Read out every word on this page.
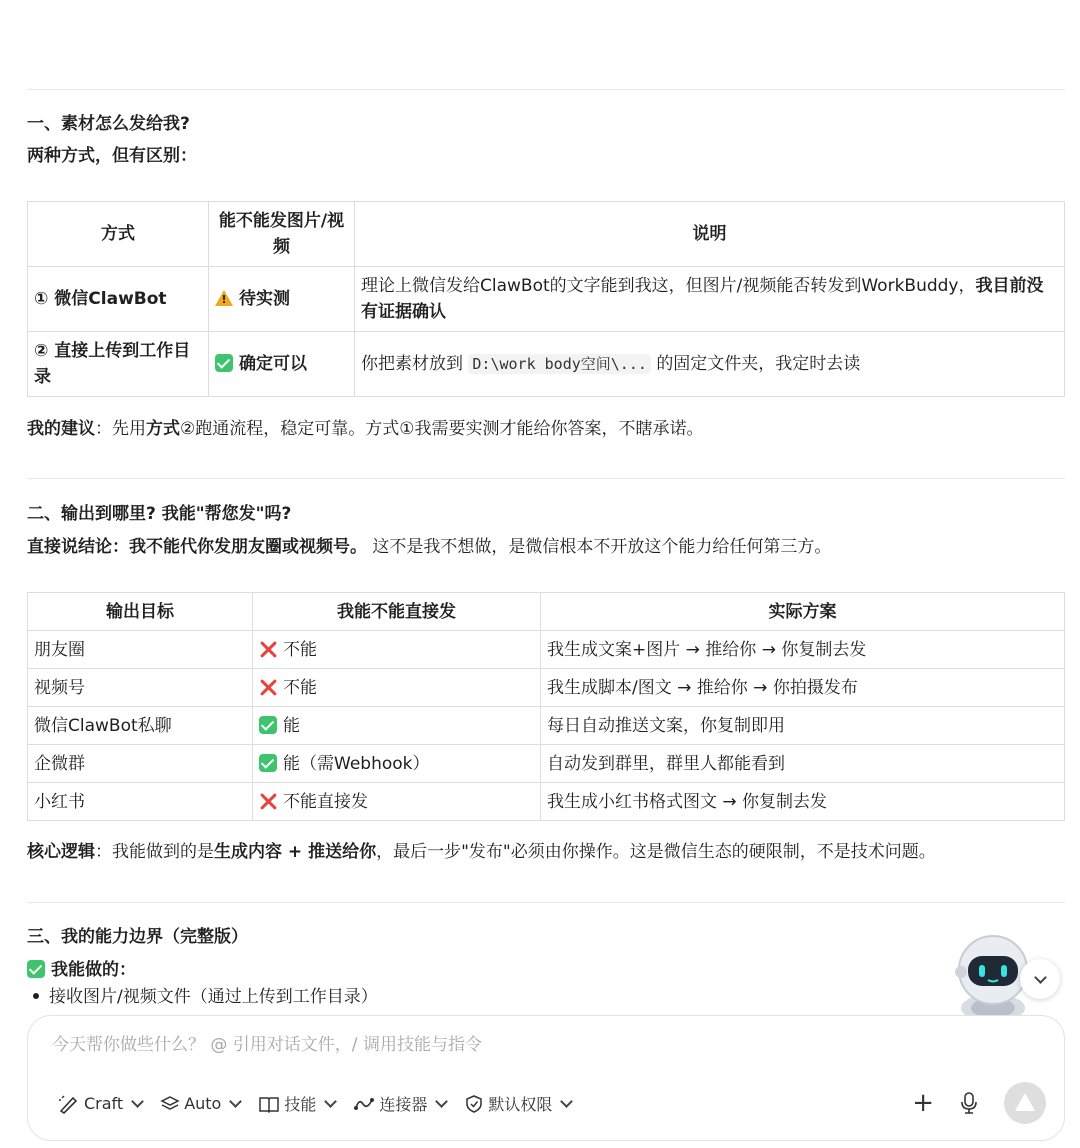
一、素材怎么发给我?
两种方式，但有区别：
方式	能不能发图片/视频	说明
① 微信ClawBot	! 待实测	理论上微信发给ClawBot的文字能到我这，但图片/视频能否转发到WorkBuddy，我目前没有证据确认
② 直接上传到工作目录	确定可以	你把素材放到 D:\work body空间\... 的固定文件夹，我定时去读
我的建议：先用方式②跑通流程，稳定可靠。方式①我需要实测才能给你答案，不瞎承诺。
二、输出到哪里? 我能"帮您发"吗?
直接说结论：我不能代你发朋友圈或视频号。 这不是我不想做，是微信根本不开放这个能力给任何第三方。
输出目标	我能不能直接发	实际方案
朋友圈	不能	我生成文案+图片 → 推给你 → 你复制去发
视频号	不能	我生成脚本/图文 → 推给你 → 你拍摄发布
微信ClawBot私聊	能	每日自动推送文案，你复制即用
企微群	能（需Webhook）	自动发到群里，群里人都能看到
小红书	不能直接发	我生成小红书格式图文 → 你复制去发
核心逻辑：我能做到的是生成内容 + 推送给你，最后一步"发布"必须由你操作。这是微信生态的硬限制，不是技术问题。
三、我的能力边界（完整版）
我能做的：
接收图片/视频文件（通过上传到工作目录）
今天帮你做些什么？ @ 引用对话文件，/ 调用技能与指令
Craft	Auto	技能	连接器	默认权限	+
